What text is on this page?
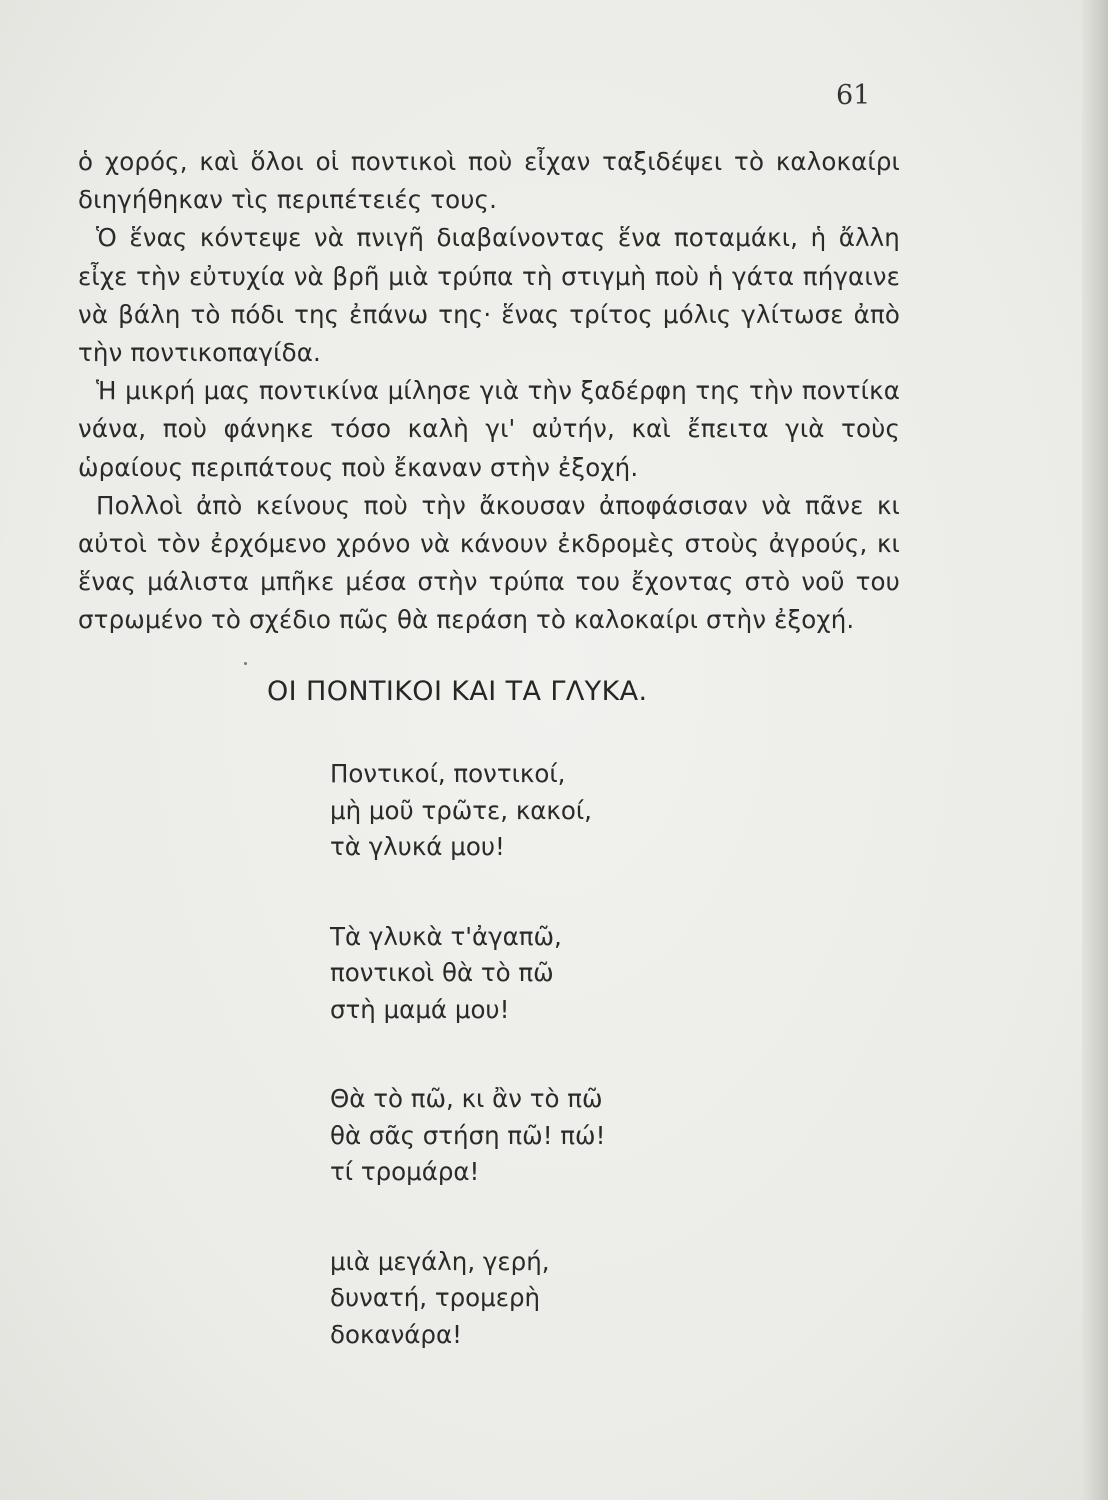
61

ὁ χορός, καὶ ὅλοι οἱ ποντικοὶ ποὺ εἶχαν ταξιδέψει τὸ καλοκαίρι διηγήθηκαν τὶς περιπέτειές τους.

Ὁ ἕνας κόντεψε νὰ πνιγῆ διαβαίνοντας ἕνα ποταμάκι, ἡ ἄλλη εἶχε τὴν εὐτυχία νὰ βρῆ μιὰ τρύπα τὴ στιγμὴ ποὺ ἡ γάτα πήγαινε νὰ βάλη τὸ πόδι της ἐπάνω της· ἕνας τρίτος μόλις γλίτωσε ἀπὸ τὴν ποντικοπαγίδα.

Ἡ μικρή μας ποντικίνα μίλησε γιὰ τὴν ξαδέρφη της τὴν ποντίκα νάνα, ποὺ φάνηκε τόσο καλὴ γι' αὐτήν, καὶ ἔπειτα γιὰ τοὺς ὡραίους περιπάτους ποὺ ἔκαναν στὴν ἐξοχή.

Πολλοὶ ἀπὸ κείνους ποὺ τὴν ἄκουσαν ἀποφάσισαν νὰ πᾶνε κι αὐτοὶ τὸν ἐρχόμενο χρόνο νὰ κάνουν ἐκδρομὲς στοὺς ἀγρούς, κι ἕνας μάλιστα μπῆκε μέσα στὴν τρύπα του ἔχοντας στὸ νοῦ του στρωμένο τὸ σχέδιο πῶς θὰ περάση τὸ καλοκαίρι στὴν ἐξοχή.

ΟΙ ΠΟΝΤΙΚΟΙ ΚΑΙ ΤΑ ΓΛΥΚΑ.
Ποντικοί, ποντικοί,
μὴ μοῦ τρῶτε, κακοί,
τὰ γλυκά μου!
Τὰ γλυκὰ τ'ἀγαπῶ,
ποντικοὶ θὰ τὸ πῶ
στὴ μαμά μου!
Θὰ τὸ πῶ, κι ἂν τὸ πῶ
θὰ σᾶς στήση πῶ! πώ!
τί τρομάρα!
μιὰ μεγάλη, γερή,
δυνατή, τρομερὴ
δοκανάρα!
